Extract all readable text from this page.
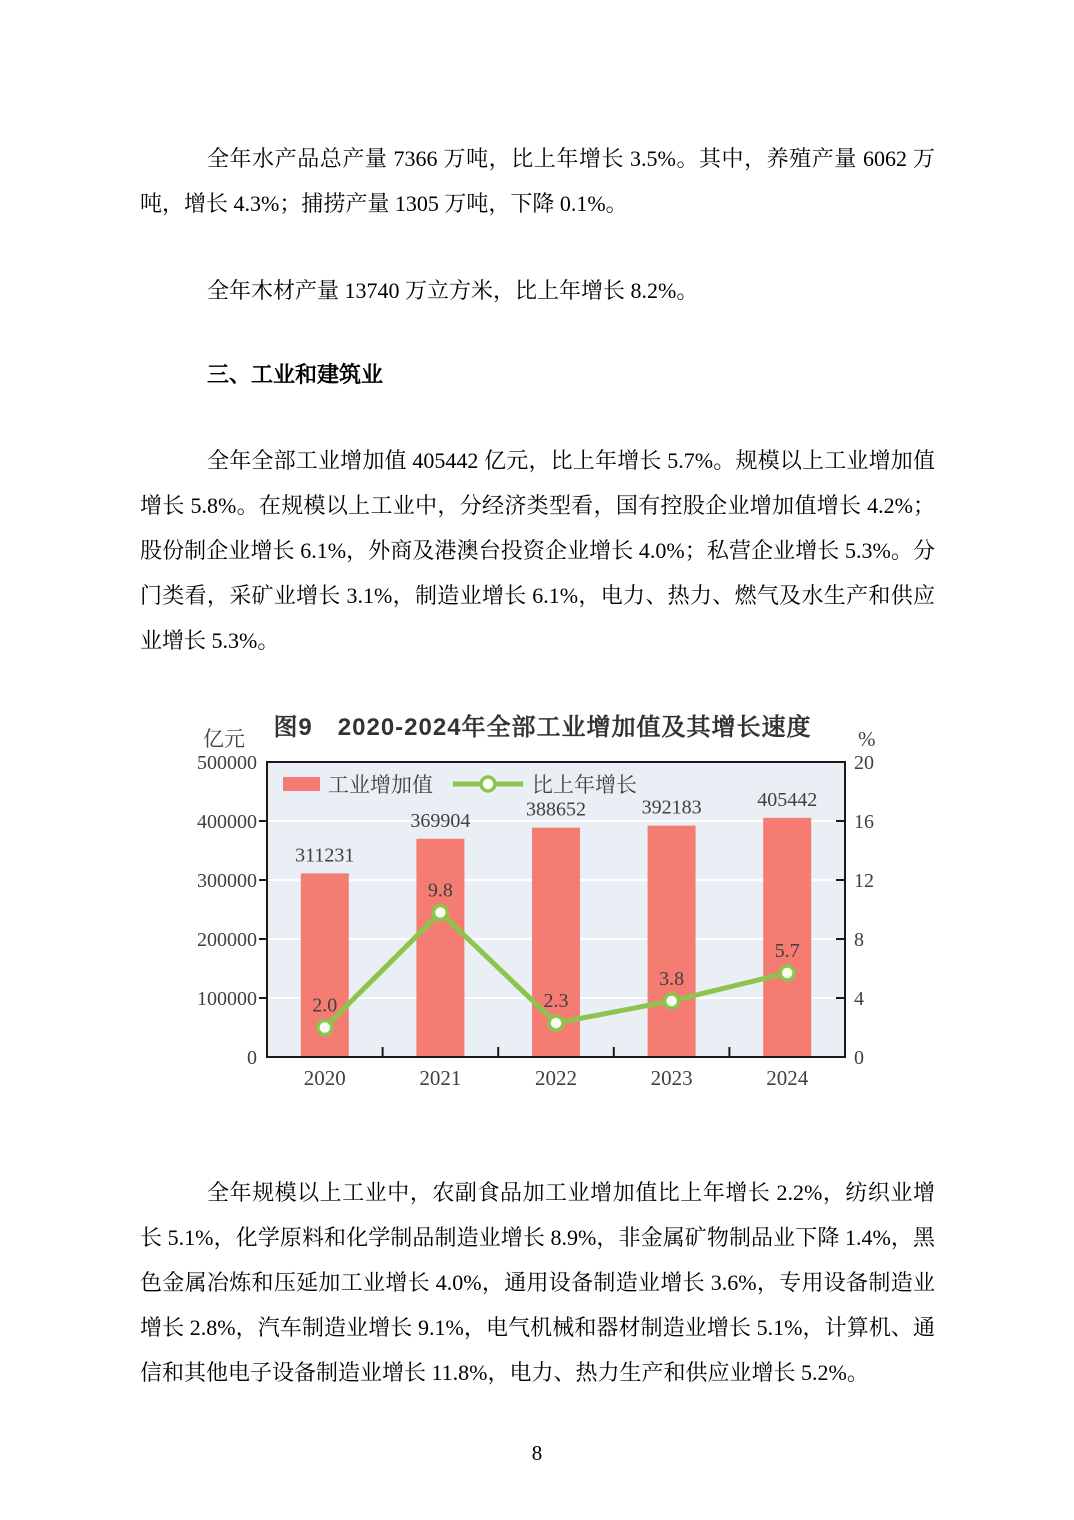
全年水产品总产量 7366 万吨，比上年增长 3.5%。其中，养殖产量 6062 万吨，增长 4.3%；捕捞产量 1305 万吨，下降 0.1%。

全年木材产量 13740 万立方米，比上年增长 8.2%。

三、工业和建筑业

全年全部工业增加值 405442 亿元，比上年增长 5.7%。规模以上工业增加值增长 5.8%。在规模以上工业中，分经济类型看，国有控股企业增加值增长 4.2%；股份制企业增长 6.1%，外商及港澳台投资企业增长 4.0%；私营企业增长 5.3%。分门类看，采矿业增长 3.1%，制造业增长 6.1%，电力、热力、燃气及水生产和供应业增长 5.3%。

图9　2020-2024年全部工业增加值及其增长速度
500000	20
400000	16
300000	12
200000	8
100000	4
0	0
311231
2020
369904
2021
388652
2022
392183
2023
405442
2024
2.0
9.8
2.3
3.8
5.7
工业增加值	比上年增长
亿元	%

全年规模以上工业中，农副食品加工业增加值比上年增长 2.2%，纺织业增长 5.1%，化学原料和化学制品制造业增长 8.9%，非金属矿物制品业下降 1.4%，黑色金属冶炼和压延加工业增长 4.0%，通用设备制造业增长 3.6%，专用设备制造业增长 2.8%，汽车制造业增长 9.1%，电气机械和器材制造业增长 5.1%，计算机、通信和其他电子设备制造业增长 11.8%，电力、热力生产和供应业增长 5.2%。

8
